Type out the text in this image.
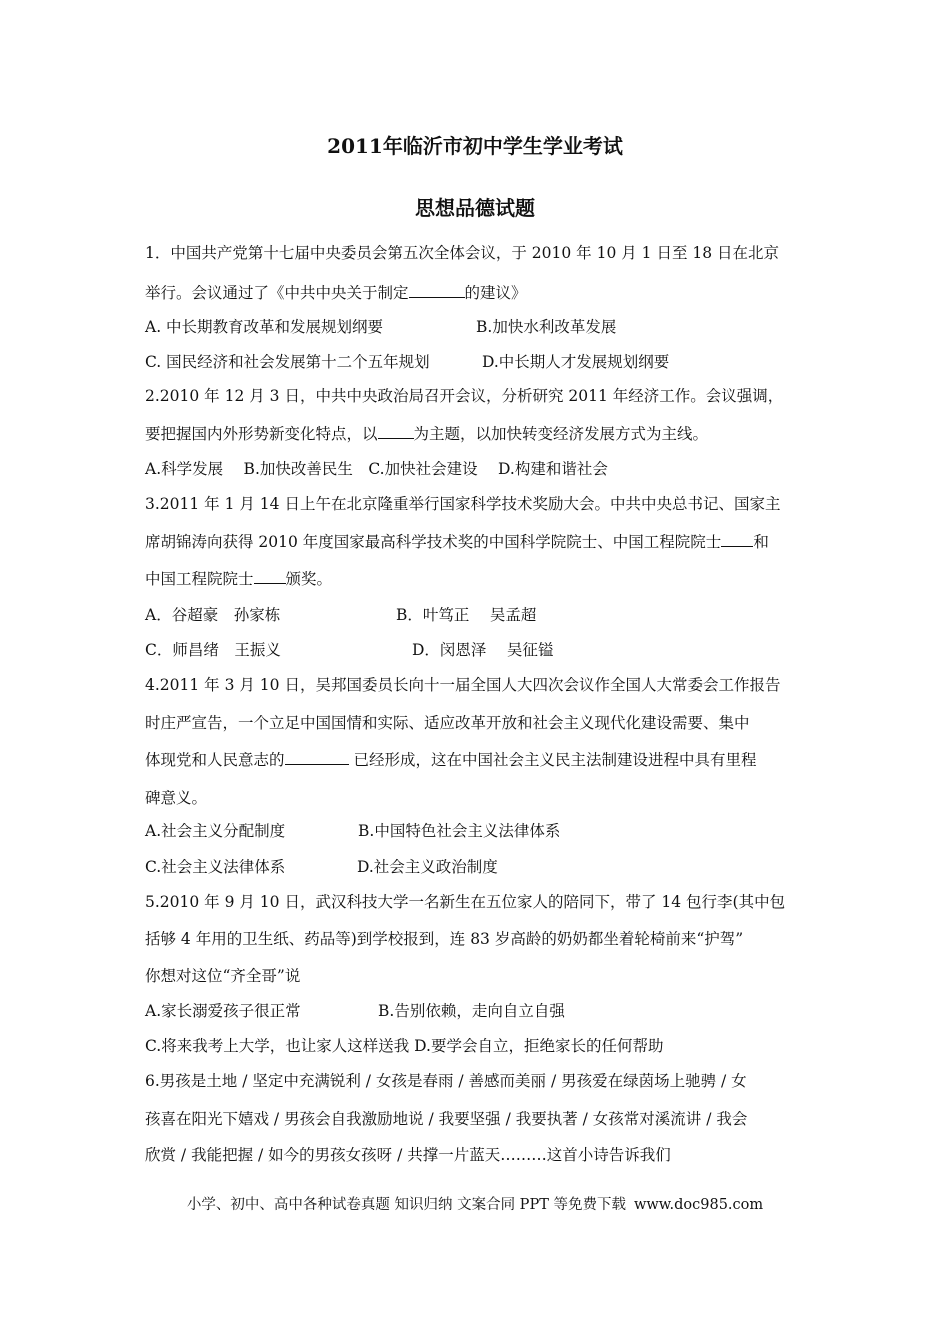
2011年临沂市初中学生学业考试
思想品德试题

1．中国共产党第十七届中央委员会第五次全体会议，于 2010 年 10 月 1 日至 18 日在北京

举行。会议通过了《中共中央关于制定	的建议》

A. 中长期教育改革和发展规划纲要	B.加快水利改革发展
C. 国民经济和社会发展第十二个五年规划	D.中长期人才发展规划纲要

2.2010 年 12 月 3 日，中共中央政治局召开会议，分析研究 2011 年经济工作。会议强调，

要把握国内外形势新变化特点，以 为主题，以加快转变经济发展方式为主线。

A.科学发展　 B.加快改善民生　C.加快社会建设　 D.构建和谐社会

3.2011 年 1 月 14 日上午在北京隆重举行国家科学技术奖励大会。中共中央总书记、国家主

席胡锦涛向获得 2010 年度国家最高科学技术奖的中国科学院院士、中国工程院院士 和

中国工程院院士 颁奖。

A．谷超豪　孙家栋	B．叶笃正　 吴孟超
C．师昌绪　王振义	D．闵恩泽　 吴征镒

4.2011 年 3 月 10 日，吴邦国委员长向十一届全国人大四次会议作全国人大常委会工作报告

时庄严宣告，一个立足中国国情和实际、适应改革开放和社会主义现代化建设需要、集中

体现党和人民意志的	已经形成，这在中国社会主义民主法制建设进程中具有里程

碑意义。

A.社会主义分配制度	B.中国特色社会主义法律体系
C.社会主义法律体系	D.社会主义政治制度

5.2010 年 9 月 10 日，武汉科技大学一名新生在五位家人的陪同下，带了 14 包行李(其中包

括够 4 年用的卫生纸、药品等)到学校报到，连 83 岁高龄的奶奶都坐着轮椅前来“护驾”

你想对这位“齐全哥”说

A.家长溺爱孩子很正常	B.告别依赖，走向自立自强

C.将来我考上大学，也让家人这样送我 D.要学会自立，拒绝家长的任何帮助

6.男孩是土地 / 坚定中充满锐利 / 女孩是春雨 / 善感而美丽 / 男孩爱在绿茵场上驰骋 / 女

孩喜在阳光下嬉戏 / 男孩会自我激励地说 / 我要坚强 / 我要执著 / 女孩常对溪流讲 / 我会

欣赏 / 我能把握 / 如今的男孩女孩呀 / 共撑一片蓝天………这首小诗告诉我们

小学、初中、高中各种试卷真题 知识归纳 文案合同 PPT 等免费下载 www.doc985.com
